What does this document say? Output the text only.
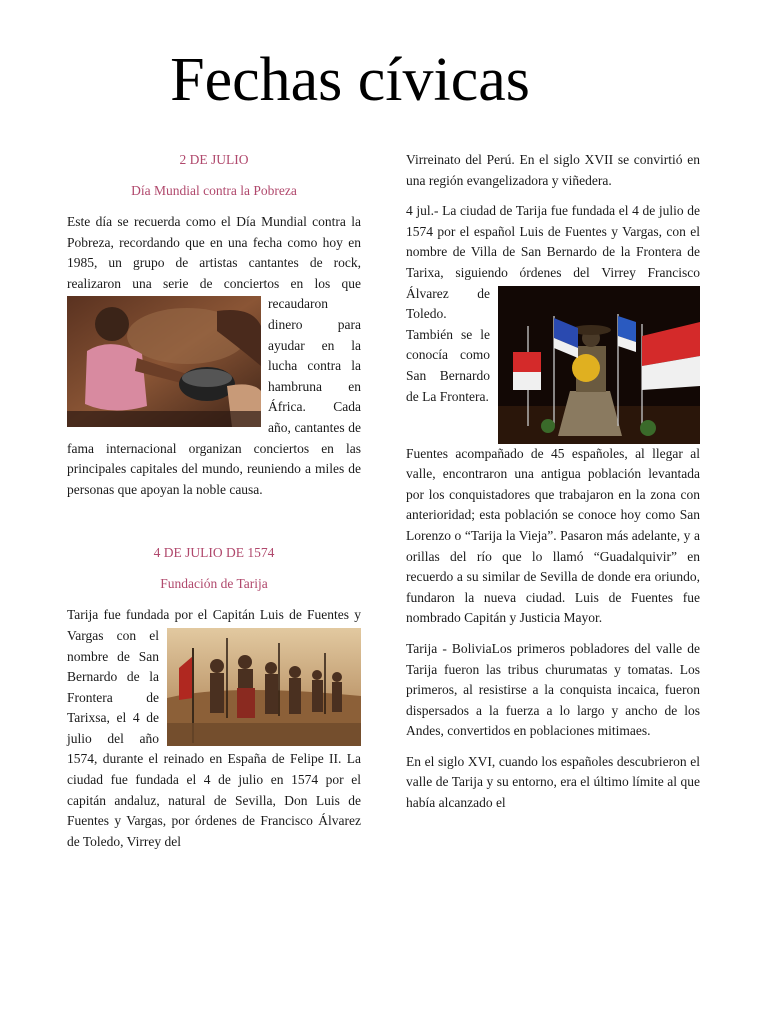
Fechas cívicas
2 DE JULIO
Día Mundial contra la Pobreza

Este día se recuerda como el Día Mundial contra la Pobreza, recordando que en una fecha como hoy en 1985, un grupo de artistas cantantes de rock, realizaron una serie de
conciertos en los que recaudaron dinero para ayudar en la lucha contra la hambruna en África. Cada año, cantantes de fama internacional organizan conciertos en las principales capitales del mundo, reuniendo a miles de personas que apoyan la noble causa.

4 DE JULIO DE 1574
Fundación de Tarija

Tarija fue fundada por el Capitán Luis de
Fuentes y Vargas con el nombre de San Bernardo de la Frontera de Tarixsa, el 4 de julio del año 1574, durante el reinado en España de Felipe II. La ciudad fue fundada el 4 de julio en 1574 por el capitán andaluz, natural de Sevilla, Don Luis de Fuentes y Vargas, por órdenes de Francisco Álvarez de Toledo, Virrey del

Virreinato del Perú. En el siglo XVII se convirtió en una región evangelizadora y viñedera.

4 jul.- La ciudad de Tarija fue fundada el 4 de julio de 1574 por el español Luis de Fuentes y Vargas, con el nombre de Villa de San Bernardo de la Frontera de Tarixa, siguiendo órdenes del
Virrey Francisco Álvarez de Toledo. También se le conocía como San Bernardo de La Frontera.

Fuentes acompañado de 45 españoles, al llegar al valle, encontraron una antigua población levantada por los conquistadores que trabajaron en la zona con anterioridad; esta población se conoce hoy como San Lorenzo o “Tarija la Vieja”. Pasaron más adelante, y a orillas del río que lo llamó “Guadalquivir” en recuerdo a su similar de Sevilla de donde era oriundo, fundaron la nueva ciudad. Luis de Fuentes fue nombrado Capitán y Justicia Mayor.

Tarija - BoliviaLos primeros pobladores del valle de Tarija fueron las tribus churumatas y tomatas. Los primeros, al resistirse a la conquista incaica, fueron dispersados a la fuerza a lo largo y ancho de los Andes, convertidos en poblaciones mitimaes.

En el siglo XVI, cuando los españoles descubrieron el valle de Tarija y su entorno, era el último límite al que había alcanzado el
